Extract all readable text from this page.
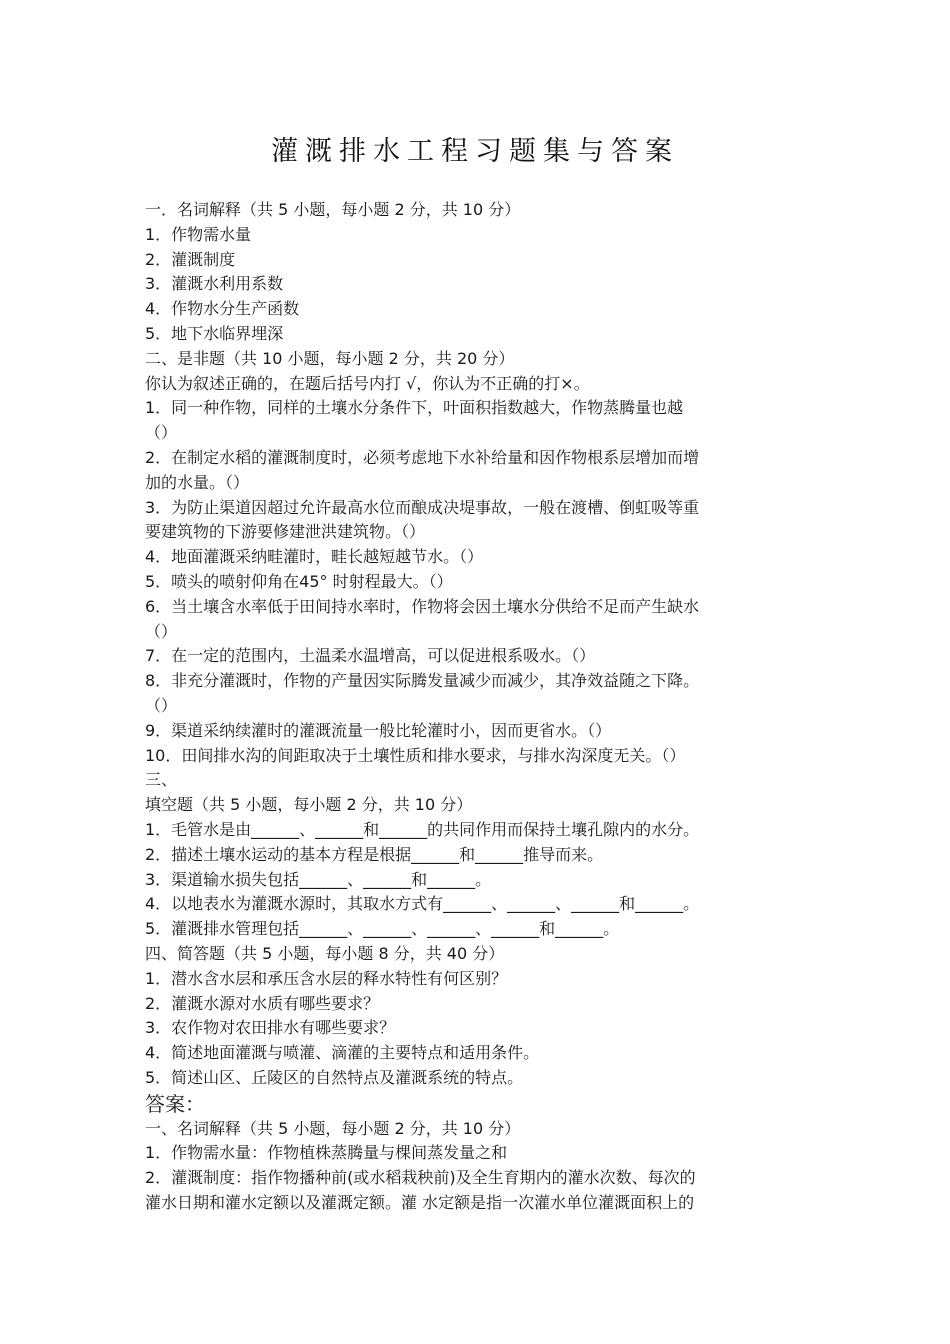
灌溉排水工程习题集与答案
一．名词解释（共 5 小题，每小题 2 分，共 10 分）
1．作物需水量
2．灌溉制度
3．灌溉水利用系数
4．作物水分生产函数
5．地下水临界埋深
二、是非题（共 10 小题，每小题 2 分，共 20 分）
你认为叙述正确的，在题后括号内打 √，你认为不正确的打×。
1．同一种作物，同样的土壤水分条件下，叶面积指数越大，作物蒸腾量也越
（）
2．在制定水稻的灌溉制度时，必须考虑地下水补给量和因作物根系层增加而增
加的水量。（）
3．为防止渠道因超过允许最高水位而酿成决堤事故，一般在渡槽、倒虹吸等重
要建筑物的下游要修建泄洪建筑物。（）
4．地面灌溉采纳畦灌时，畦长越短越节水。（）
5．喷头的喷射仰角在45° 时射程最大。（）
6．当土壤含水率低于田间持水率时，作物将会因土壤水分供给不足而产生缺水
（）
7．在一定的范围内，土温柔水温增高，可以促进根系吸水。（）
8．非充分灌溉时，作物的产量因实际腾发量减少而减少，其净效益随之下降。
（）
9．渠道采纳续灌时的灌溉流量一般比轮灌时小，因而更省水。（）
10．田间排水沟的间距取决于土壤性质和排水要求，与排水沟深度无关。（）
三、
填空题（共 5 小题，每小题 2 分，共 10 分）
1．毛管水是由______、______和______的共同作用而保持土壤孔隙内的水分。
2．描述土壤水运动的基本方程是根据______和______推导而来。
3．渠道输水损失包括______、______和______。
4．以地表水为灌溉水源时，其取水方式有______、______、______和______。
5．灌溉排水管理包括______、______、______、______和______。
四、简答题（共 5 小题，每小题 8 分，共 40 分）
1．潜水含水层和承压含水层的释水特性有何区别？
2．灌溉水源对水质有哪些要求？
3．农作物对农田排水有哪些要求？
4．简述地面灌溉与喷灌、滴灌的主要特点和适用条件。
5．简述山区、丘陵区的自然特点及灌溉系统的特点。
答案：
一、名词解释（共 5 小题，每小题 2 分，共 10 分）
1．作物需水量：作物植株蒸腾量与棵间蒸发量之和
2．灌溉制度：指作物播种前(或水稻栽秧前)及全生育期内的灌水次数、每次的
灌水日期和灌水定额以及灌溉定额。灌 水定额是指一次灌水单位灌溉面积上的
